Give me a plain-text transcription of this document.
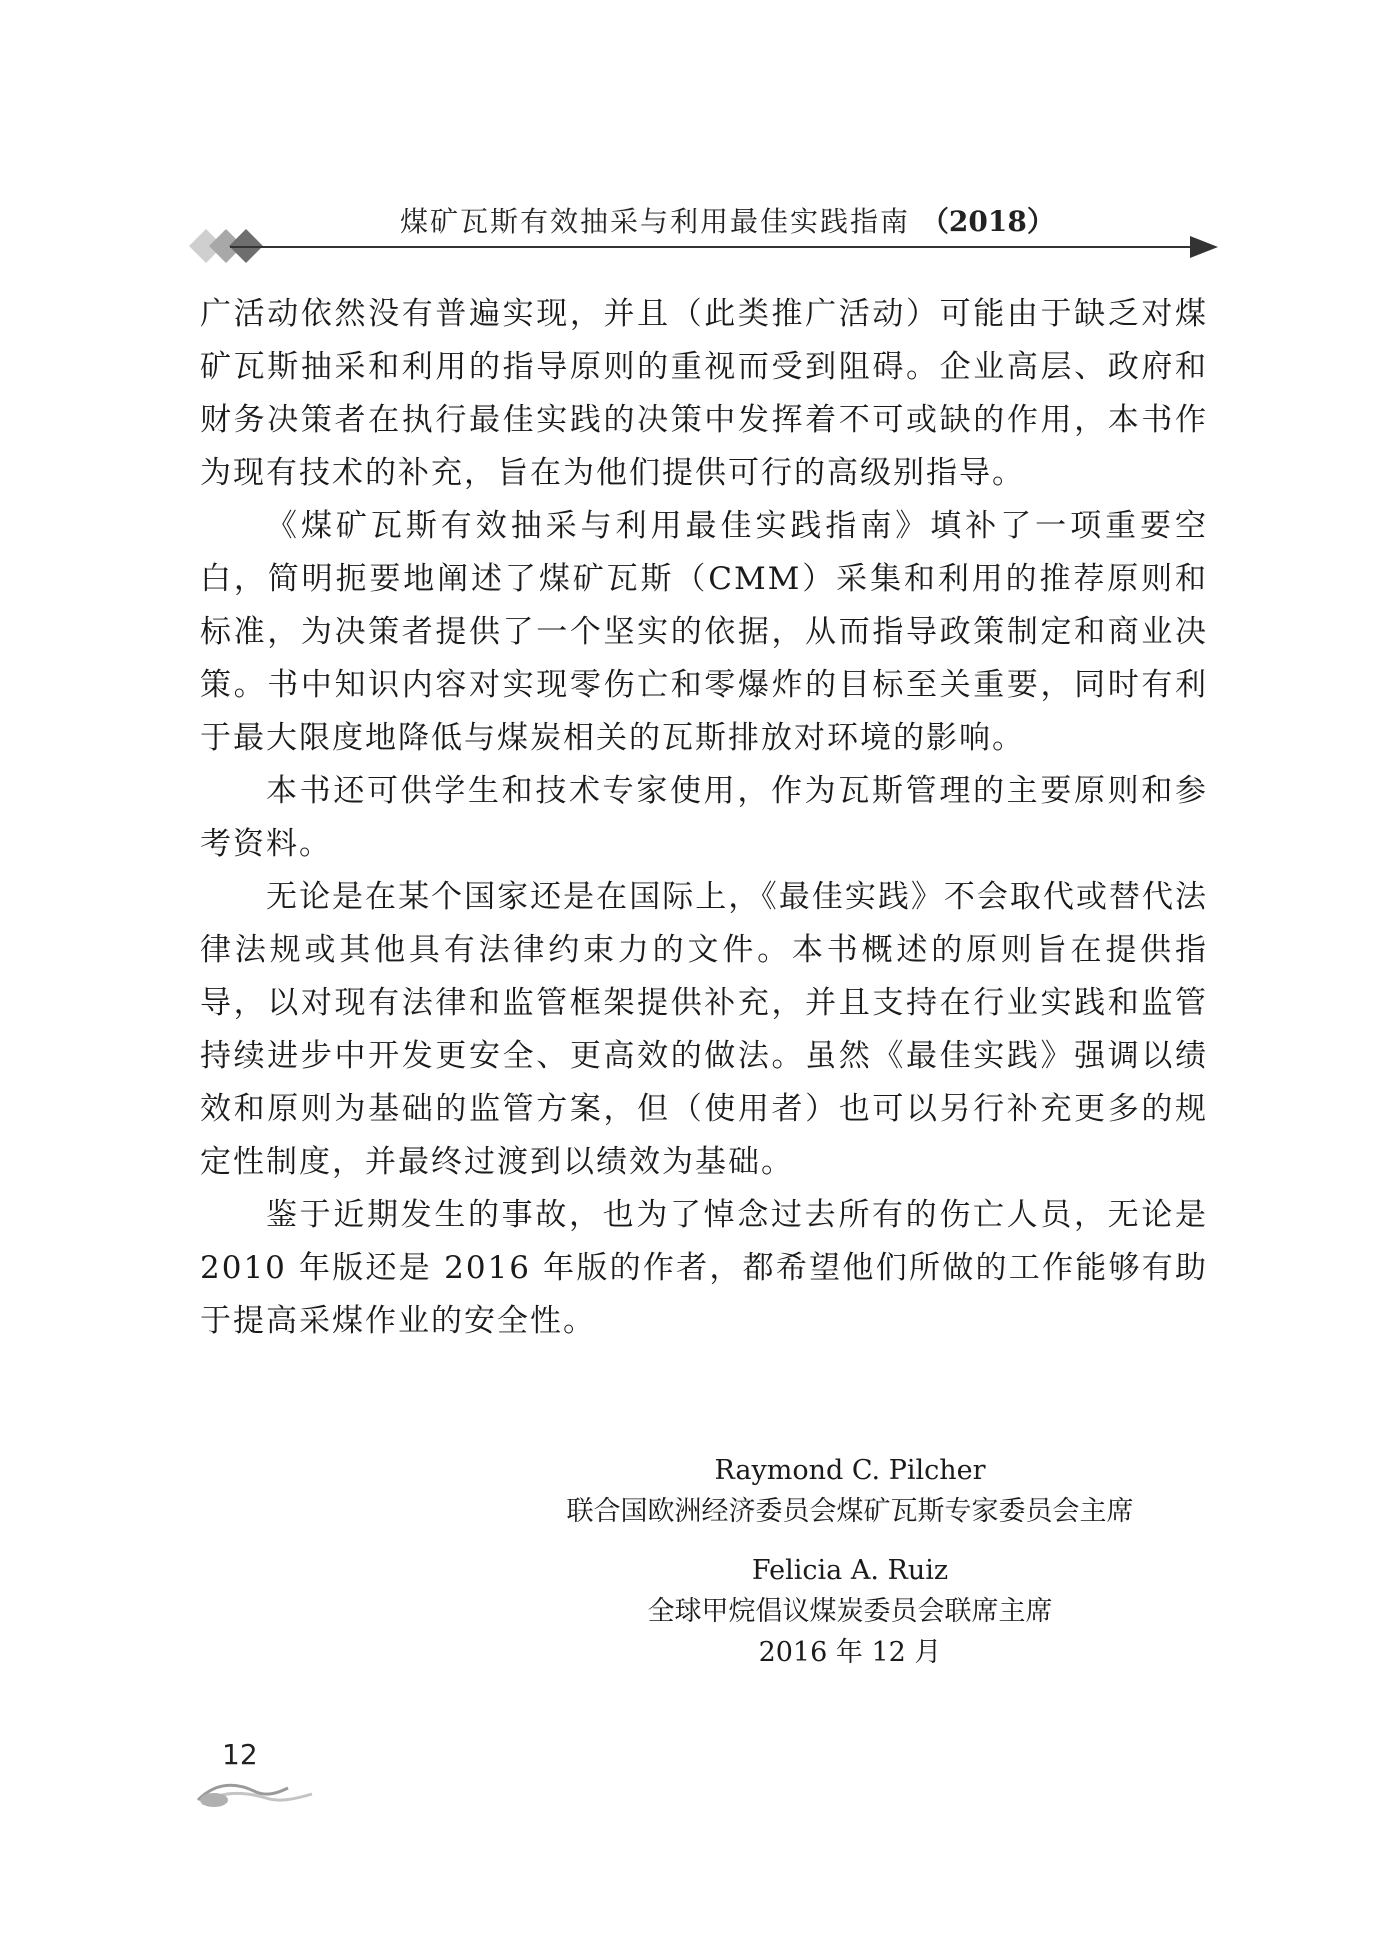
煤矿瓦斯有效抽采与利用最佳实践指南 （2018）

广活动依然没有普遍实现，并且（此类推广活动）可能由于缺乏对煤矿瓦斯抽采和利用的指导原则的重视而受到阻碍。企业高层、政府和财务决策者在执行最佳实践的决策中发挥着不可或缺的作用，本书作为现有技术的补充，旨在为他们提供可行的高级别指导。

《煤矿瓦斯有效抽采与利用最佳实践指南》填补了一项重要空白，简明扼要地阐述了煤矿瓦斯（CMM）采集和利用的推荐原则和标准，为决策者提供了一个坚实的依据，从而指导政策制定和商业决策。书中知识内容对实现零伤亡和零爆炸的目标至关重要，同时有利于最大限度地降低与煤炭相关的瓦斯排放对环境的影响。

本书还可供学生和技术专家使用，作为瓦斯管理的主要原则和参考资料。

无论是在某个国家还是在国际上，《最佳实践》不会取代或替代法律法规或其他具有法律约束力的文件。本书概述的原则旨在提供指导，以对现有法律和监管框架提供补充，并且支持在行业实践和监管持续进步中开发更安全、更高效的做法。虽然《最佳实践》强调以绩效和原则为基础的监管方案，但（使用者）也可以另行补充更多的规定性制度，并最终过渡到以绩效为基础。

鉴于近期发生的事故，也为了悼念过去所有的伤亡人员，无论是2010 年版还是 2016 年版的作者，都希望他们所做的工作能够有助于提高采煤作业的安全性。

Raymond C. Pilcher
联合国欧洲经济委员会煤矿瓦斯专家委员会主席
Felicia A. Ruiz
全球甲烷倡议煤炭委员会联席主席
2016 年 12 月
12
